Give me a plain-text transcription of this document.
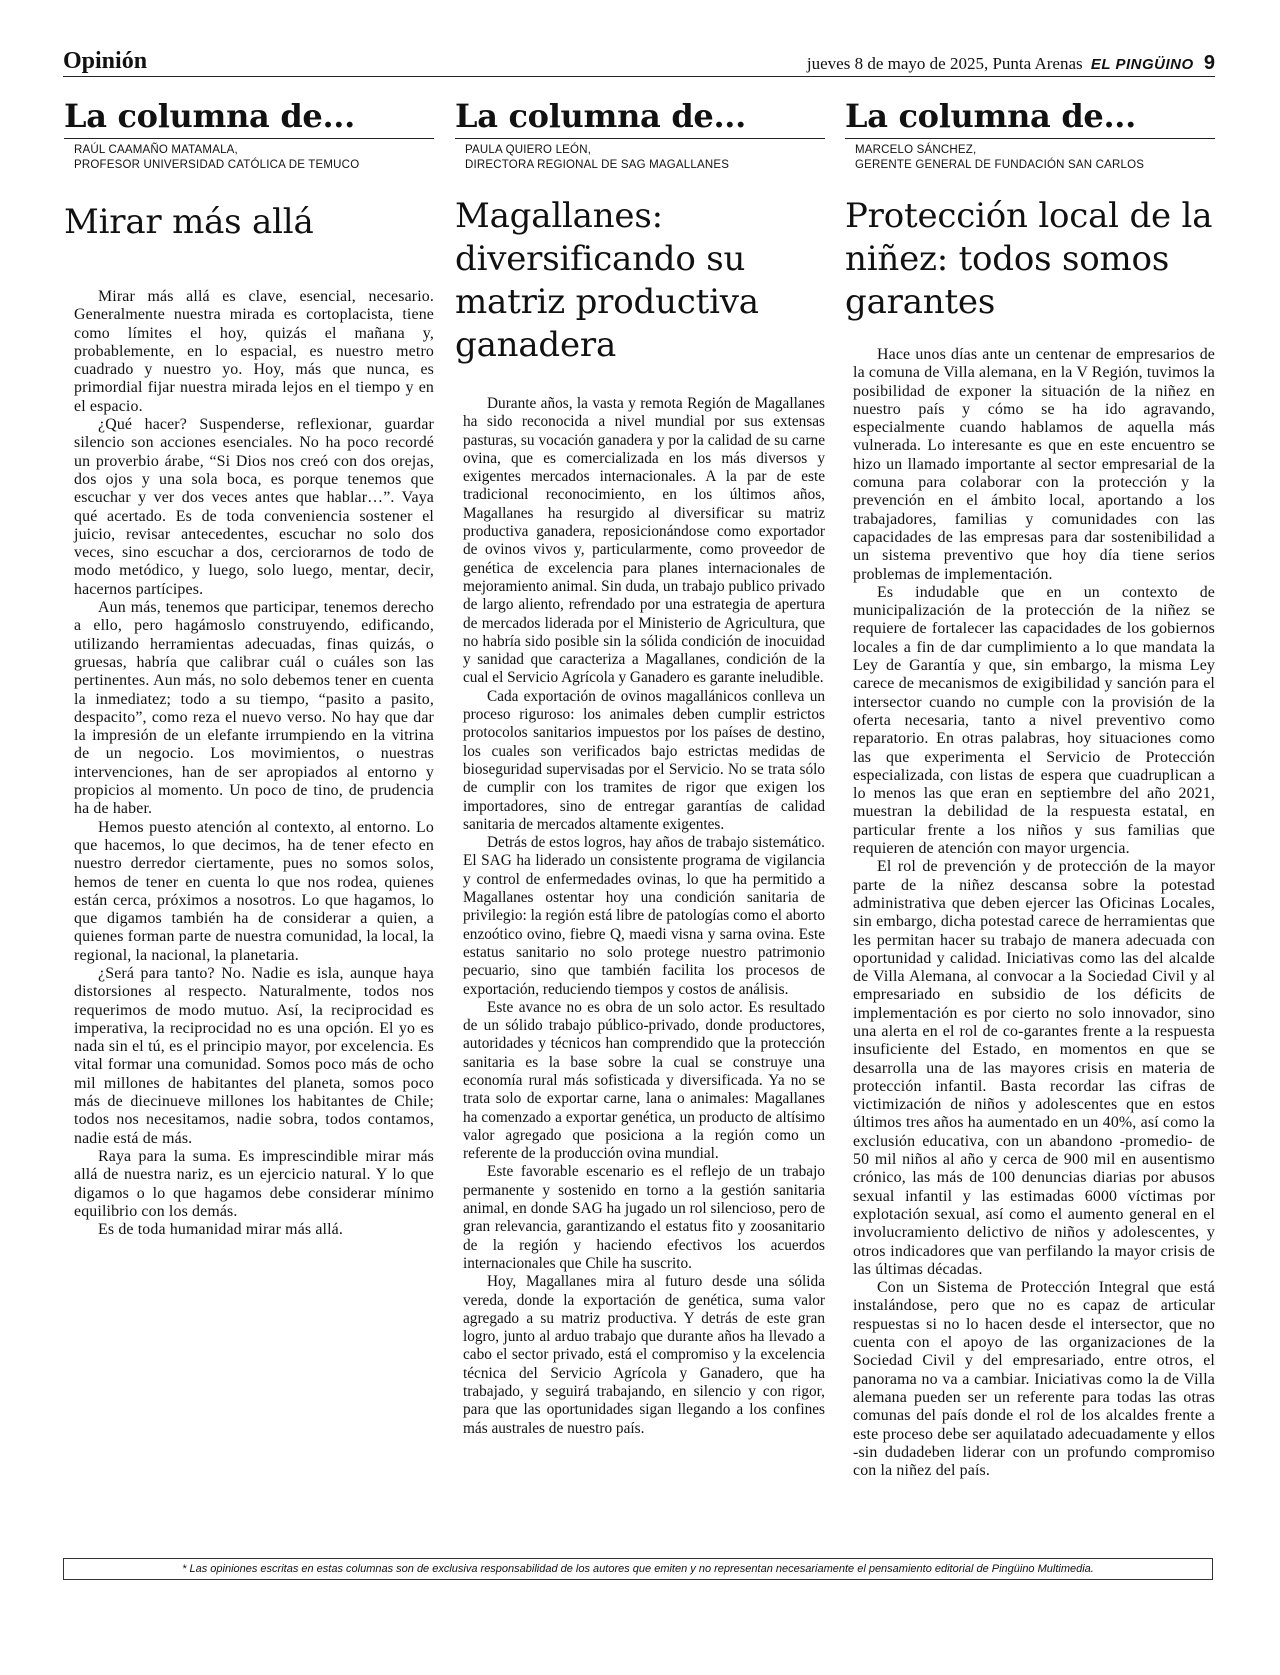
Opinión	jueves 8 de mayo de 2025, Punta Arenas EL PINGÜINO 9
La columna de...
RAÚL CAAMAÑO MATAMALA,
PROFESOR UNIVERSIDAD CATÓLICA DE TEMUCO
Mirar más allá

Mirar más allá es clave, esencial, necesario. Generalmente nuestra mirada es cortoplacista, tiene como límites el hoy, quizás el mañana y, probablemente, en lo espacial, es nuestro metro cuadrado y nuestro yo. Hoy, más que nunca, es primordial fijar nuestra mirada lejos en el tiempo y en el espacio.

¿Qué hacer? Suspenderse, reflexionar, guardar silencio son acciones esenciales. No ha poco recordé un proverbio árabe, “Si Dios nos creó con dos orejas, dos ojos y una sola boca, es porque tenemos que escuchar y ver dos veces antes que hablar…”. Vaya qué acertado. Es de toda conveniencia sostener el juicio, revisar antecedentes, escuchar no solo dos veces, sino escuchar a dos, cerciorarnos de todo de modo metódico, y luego, solo luego, mentar, decir, hacernos partícipes.

Aun más, tenemos que participar, tenemos derecho a ello, pero hagámoslo construyendo, edificando, utilizando herramientas adecuadas, finas quizás, o gruesas, habría que calibrar cuál o cuáles son las pertinentes. Aun más, no solo debemos tener en cuenta la inmediatez; todo a su tiempo, “pasito a pasito, despacito”, como reza el nuevo verso. No hay que dar la impresión de un elefante irrumpiendo en la vitrina de un negocio. Los movimientos, o nuestras intervenciones, han de ser apropiados al entorno y propicios al momento. Un poco de tino, de prudencia ha de haber.

Hemos puesto atención al contexto, al entorno. Lo que hacemos, lo que decimos, ha de tener efecto en nuestro derredor ciertamente, pues no somos solos, hemos de tener en cuenta lo que nos rodea, quienes están cerca, próximos a nosotros. Lo que hagamos, lo que digamos también ha de considerar a quien, a quienes forman parte de nuestra comunidad, la local, la regional, la nacional, la planetaria.

¿Será para tanto? No. Nadie es isla, aunque haya distorsiones al respecto. Naturalmente, todos nos requerimos de modo mutuo. Así, la reciprocidad es imperativa, la reciprocidad no es una opción. El yo es nada sin el tú, es el principio mayor, por excelencia. Es vital formar una comunidad. Somos poco más de ocho mil millones de habitantes del planeta, somos poco más de diecinueve millones los habitantes de Chile; todos nos necesitamos, nadie sobra, todos contamos, nadie está de más.

Raya para la suma. Es imprescindible mirar más allá de nuestra nariz, es un ejercicio natural. Y lo que digamos o lo que hagamos debe considerar mínimo equilibrio con los demás.

Es de toda humanidad mirar más allá.

La columna de...
PAULA QUIERO LEÓN,
DIRECTORA REGIONAL DE SAG MAGALLANES
Magallanes: diversificando su matriz productiva ganadera

Durante años, la vasta y remota Región de Magallanes ha sido reconocida a nivel mundial por sus extensas pasturas, su vocación ganadera y por la calidad de su carne ovina, que es comercializada en los más diversos y exigentes mercados internacionales. A la par de este tradicional reconocimiento, en los últimos años, Magallanes ha resurgido al diversificar su matriz productiva ganadera, reposicionándose como exportador de ovinos vivos y, particularmente, como proveedor de genética de excelencia para planes internacionales de mejoramiento animal. Sin duda, un trabajo publico privado de largo aliento, refrendado por una estrategia de apertura de mercados liderada por el Ministerio de Agricultura, que no habría sido posible sin la sólida condición de inocuidad y sanidad que caracteriza a Magallanes, condición de la cual el Servicio Agrícola y Ganadero es garante ineludible.

Cada exportación de ovinos magallánicos conlleva un proceso riguroso: los animales deben cumplir estrictos protocolos sanitarios impuestos por los países de destino, los cuales son verificados bajo estrictas medidas de bioseguridad supervisadas por el Servicio. No se trata sólo de cumplir con los tramites de rigor que exigen los importadores, sino de entregar garantías de calidad sanitaria de mercados altamente exigentes.

Detrás de estos logros, hay años de trabajo sistemático. El SAG ha liderado un consistente programa de vigilancia y control de enfermedades ovinas, lo que ha permitido a Magallanes ostentar hoy una condición sanitaria de privilegio: la región está libre de patologías como el aborto enzoótico ovino, fiebre Q, maedi visna y sarna ovina. Este estatus sanitario no solo protege nuestro patrimonio pecuario, sino que también facilita los procesos de exportación, reduciendo tiempos y costos de análisis.

Este avance no es obra de un solo actor. Es resultado de un sólido trabajo público-privado, donde productores, autoridades y técnicos han comprendido que la protección sanitaria es la base sobre la cual se construye una economía rural más sofisticada y diversificada. Ya no se trata solo de exportar carne, lana o animales: Magallanes ha comenzado a exportar genética, un producto de altísimo valor agregado que posiciona a la región como un referente de la producción ovina mundial.

Este favorable escenario es el reflejo de un trabajo permanente y sostenido en torno a la gestión sanitaria animal, en donde SAG ha jugado un rol silencioso, pero de gran relevancia, garantizando el estatus fito y zoosanitario de la región y haciendo efectivos los acuerdos internacionales que Chile ha suscrito.

Hoy, Magallanes mira al futuro desde una sólida vereda, donde la exportación de genética, suma valor agregado a su matriz productiva. Y detrás de este gran logro, junto al arduo trabajo que durante años ha llevado a cabo el sector privado, está el compromiso y la excelencia técnica del Servicio Agrícola y Ganadero, que ha trabajado, y seguirá trabajando, en silencio y con rigor, para que las oportunidades sigan llegando a los confines más australes de nuestro país.

La columna de...
MARCELO SÁNCHEZ,
GERENTE GENERAL DE FUNDACIÓN SAN CARLOS
Protección local de la niñez: todos somos garantes

Hace unos días ante un centenar de empresarios de la comuna de Villa alemana, en la V Región, tuvimos la posibilidad de exponer la situación de la niñez en nuestro país y cómo se ha ido agravando, especialmente cuando hablamos de aquella más vulnerada. Lo interesante es que en este encuentro se hizo un llamado importante al sector empresarial de la comuna para colaborar con la protección y la prevención en el ámbito local, aportando a los trabajadores, familias y comunidades con las capacidades de las empresas para dar sostenibilidad a un sistema preventivo que hoy día tiene serios problemas de implementación.

Es indudable que en un contexto de municipalización de la protección de la niñez se requiere de fortalecer las capacidades de los gobiernos locales a fin de dar cumplimiento a lo que mandata la Ley de Garantía y que, sin embargo, la misma Ley carece de mecanismos de exigibilidad y sanción para el intersector cuando no cumple con la provisión de la oferta necesaria, tanto a nivel preventivo como reparatorio. En otras palabras, hoy situaciones como las que experimenta el Servicio de Protección especializada, con listas de espera que cuadruplican a lo menos las que eran en septiembre del año 2021, muestran la debilidad de la respuesta estatal, en particular frente a los niños y sus familias que requieren de atención con mayor urgencia.

El rol de prevención y de protección de la mayor parte de la niñez descansa sobre la potestad administrativa que deben ejercer las Oficinas Locales, sin embargo, dicha potestad carece de herramientas que les permitan hacer su trabajo de manera adecuada con oportunidad y calidad. Iniciativas como las del alcalde de Villa Alemana, al convocar a la Sociedad Civil y al empresariado en subsidio de los déficits de implementación es por cierto no solo innovador, sino una alerta en el rol de co-garantes frente a la respuesta insuficiente del Estado, en momentos en que se desarrolla una de las mayores crisis en materia de protección infantil. Basta recordar las cifras de victimización de niños y adolescentes que en estos últimos tres años ha aumentado en un 40%, así como la exclusión educativa, con un abandono -promedio- de 50 mil niños al año y cerca de 900 mil en ausentismo crónico, las más de 100 denuncias diarias por abusos sexual infantil y las estimadas 6000 víctimas por explotación sexual, así como el aumento general en el involucramiento delictivo de niños y adolescentes, y otros indicadores que van perfilando la mayor crisis de las últimas décadas.

Con un Sistema de Protección Integral que está instalándose, pero que no es capaz de articular respuestas si no lo hacen desde el intersector, que no cuenta con el apoyo de las organizaciones de la Sociedad Civil y del empresariado, entre otros, el panorama no va a cambiar. Iniciativas como la de Villa alemana pueden ser un referente para todas las otras comunas del país donde el rol de los alcaldes frente a este proceso debe ser aquilatado adecuadamente y ellos -sin dudadeben liderar con un profundo compromiso con la niñez del país.

* Las opiniones escritas en estas columnas son de exclusiva responsabilidad de los autores que emiten y no representan necesariamente el pensamiento editorial de Pingüino Multimedia.
